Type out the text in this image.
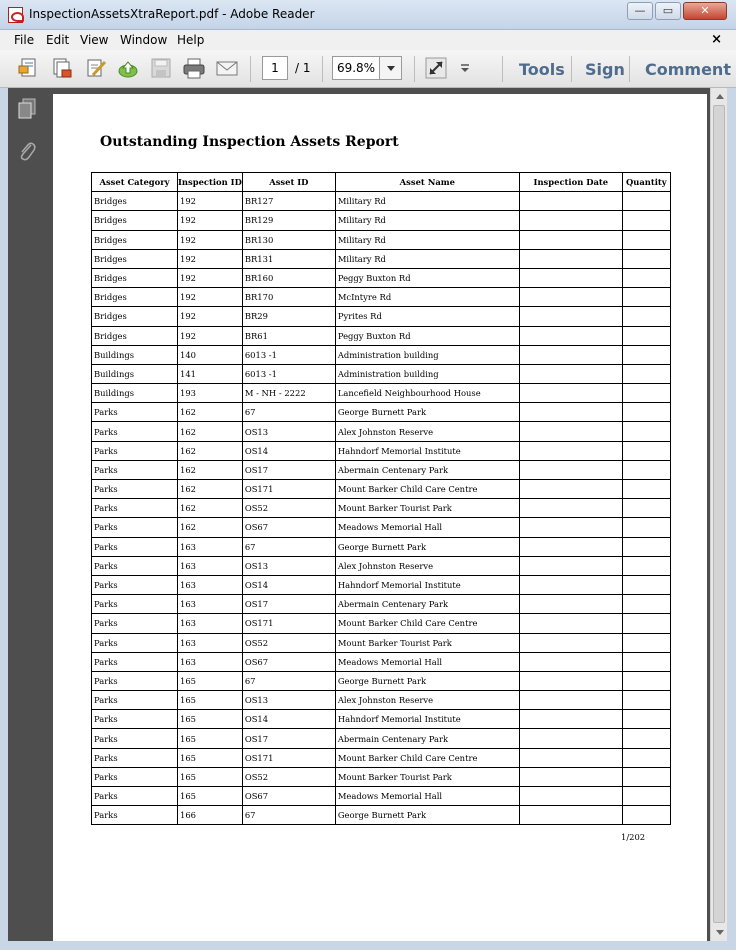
InspectionAssetsXtraReport.pdf - Adobe Reader	—	▭	✕
File Edit View Window Help	×
1	/ 1	69.8%	Tools Sign Comment
Outstanding Inspection Assets Report
Asset Category	Inspection ID	Asset ID	Asset Name	Inspection Date	Quantity
Bridges	192	BR127	Military Rd		
Bridges	192	BR129	Military Rd		
Bridges	192	BR130	Military Rd		
Bridges	192	BR131	Military Rd		
Bridges	192	BR160	Peggy Buxton Rd		
Bridges	192	BR170	McIntyre Rd		
Bridges	192	BR29	Pyrites Rd		
Bridges	192	BR61	Peggy Buxton Rd		
Buildings	140	6013 -1	Administration building		
Buildings	141	6013 -1	Administration building		
Buildings	193	M - NH - 2222	Lancefield Neighbourhood House		
Parks	162	67	George Burnett Park		
Parks	162	OS13	Alex Johnston Reserve		
Parks	162	OS14	Hahndorf Memorial Institute		
Parks	162	OS17	Abermain Centenary Park		
Parks	162	OS171	Mount Barker Child Care Centre		
Parks	162	OS52	Mount Barker Tourist Park		
Parks	162	OS67	Meadows Memorial Hall		
Parks	163	67	George Burnett Park		
Parks	163	OS13	Alex Johnston Reserve		
Parks	163	OS14	Hahndorf Memorial Institute		
Parks	163	OS17	Abermain Centenary Park		
Parks	163	OS171	Mount Barker Child Care Centre		
Parks	163	OS52	Mount Barker Tourist Park		
Parks	163	OS67	Meadows Memorial Hall		
Parks	165	67	George Burnett Park		
Parks	165	OS13	Alex Johnston Reserve		
Parks	165	OS14	Hahndorf Memorial Institute		
Parks	165	OS17	Abermain Centenary Park		
Parks	165	OS171	Mount Barker Child Care Centre		
Parks	165	OS52	Mount Barker Tourist Park		
Parks	165	OS67	Meadows Memorial Hall		
Parks	166	67	George Burnett Park		
1/202
